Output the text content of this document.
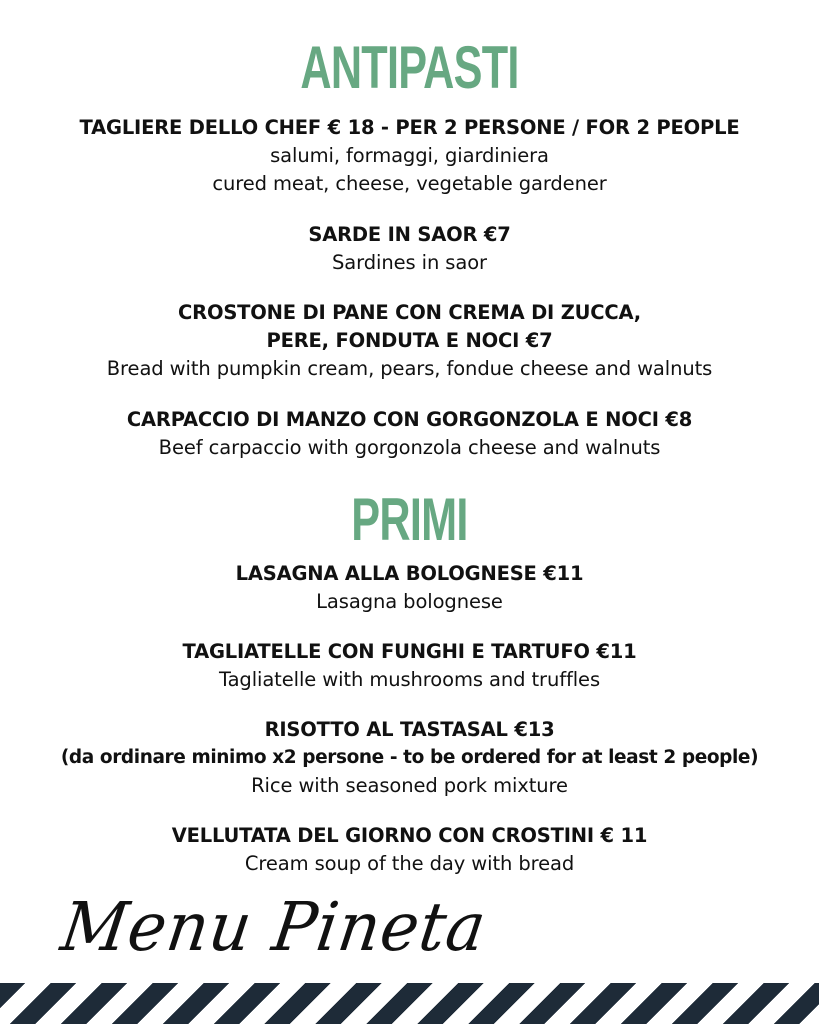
ANTIPASTI
TAGLIERE DELLO CHEF € 18 - PER 2 PERSONE / FOR 2 PEOPLE
salumi, formaggi, giardiniera
cured meat, cheese, vegetable gardener
SARDE IN SAOR €7
Sardines in saor
CROSTONE DI PANE CON CREMA DI ZUCCA,
PERE, FONDUTA E NOCI €7
Bread with pumpkin cream, pears, fondue cheese and walnuts
CARPACCIO DI MANZO CON GORGONZOLA E NOCI €8
Beef carpaccio with gorgonzola cheese and walnuts
PRIMI
LASAGNA ALLA BOLOGNESE €11
Lasagna bolognese
TAGLIATELLE CON FUNGHI E TARTUFO €11
Tagliatelle with mushrooms and truffles
RISOTTO AL TASTASAL €13
(da ordinare minimo x2 persone - to be ordered for at least 2 people)
Rice with seasoned pork mixture
VELLUTATA DEL GIORNO CON CROSTINI € 11
Cream soup of the day with bread
Menu Pineta
